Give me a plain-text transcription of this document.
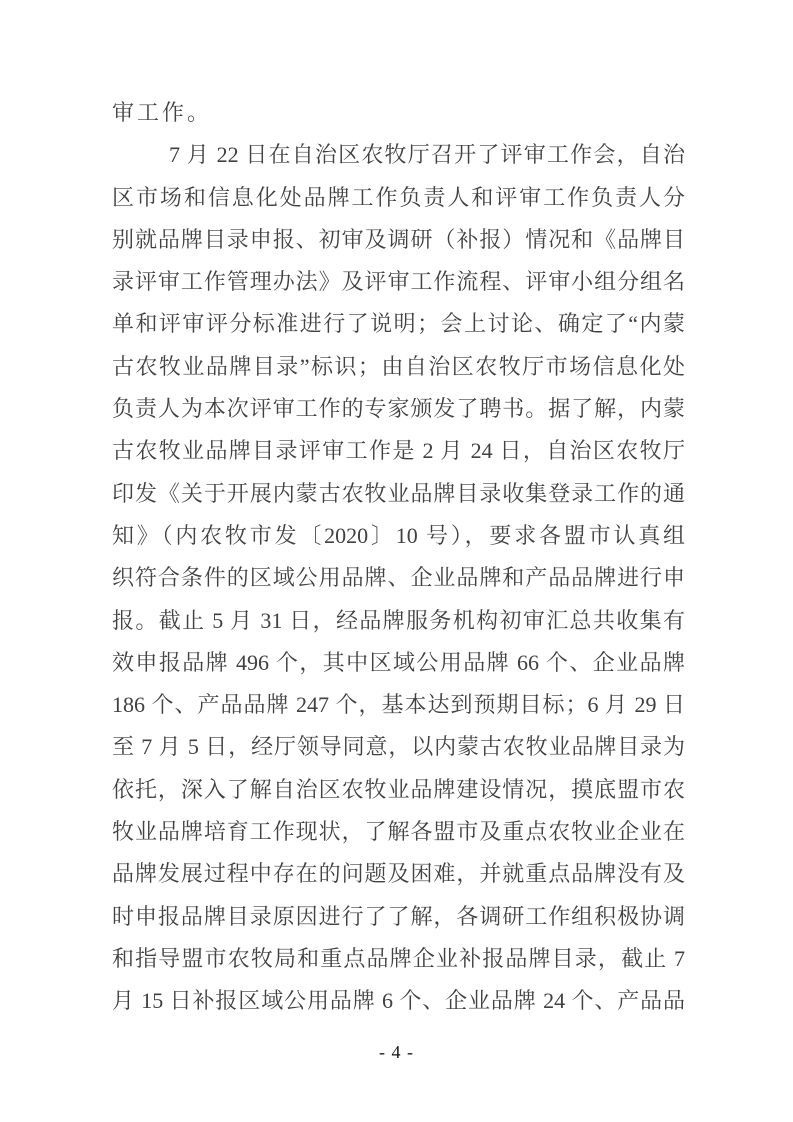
审工作。
7 月 22 日在自治区农牧厅召开了评审工作会，自治
区市场和信息化处品牌工作负责人和评审工作负责人分
别就品牌目录申报、初审及调研（补报）情况和《品牌目
录评审工作管理办法》及评审工作流程、评审小组分组名
单和评审评分标准进行了说明；会上讨论、确定了“内蒙
古农牧业品牌目录”标识；由自治区农牧厅市场信息化处
负责人为本次评审工作的专家颁发了聘书。据了解，内蒙
古农牧业品牌目录评审工作是 2 月 24 日，自治区农牧厅
印发《关于开展内蒙古农牧业品牌目录收集登录工作的通
知》（内农牧市发〔2020〕10 号），要求各盟市认真组
织符合条件的区域公用品牌、企业品牌和产品品牌进行申
报。截止 5 月 31 日，经品牌服务机构初审汇总共收集有
效申报品牌 496 个，其中区域公用品牌 66 个、企业品牌
186 个、产品品牌 247 个，基本达到预期目标；6 月 29 日
至 7 月 5 日，经厅领导同意，以内蒙古农牧业品牌目录为
依托，深入了解自治区农牧业品牌建设情况，摸底盟市农
牧业品牌培育工作现状，了解各盟市及重点农牧业企业在
品牌发展过程中存在的问题及困难，并就重点品牌没有及
时申报品牌目录原因进行了了解，各调研工作组积极协调
和指导盟市农牧局和重点品牌企业补报品牌目录，截止 7
月 15 日补报区域公用品牌 6 个、企业品牌 24 个、产品品
- 4 -
